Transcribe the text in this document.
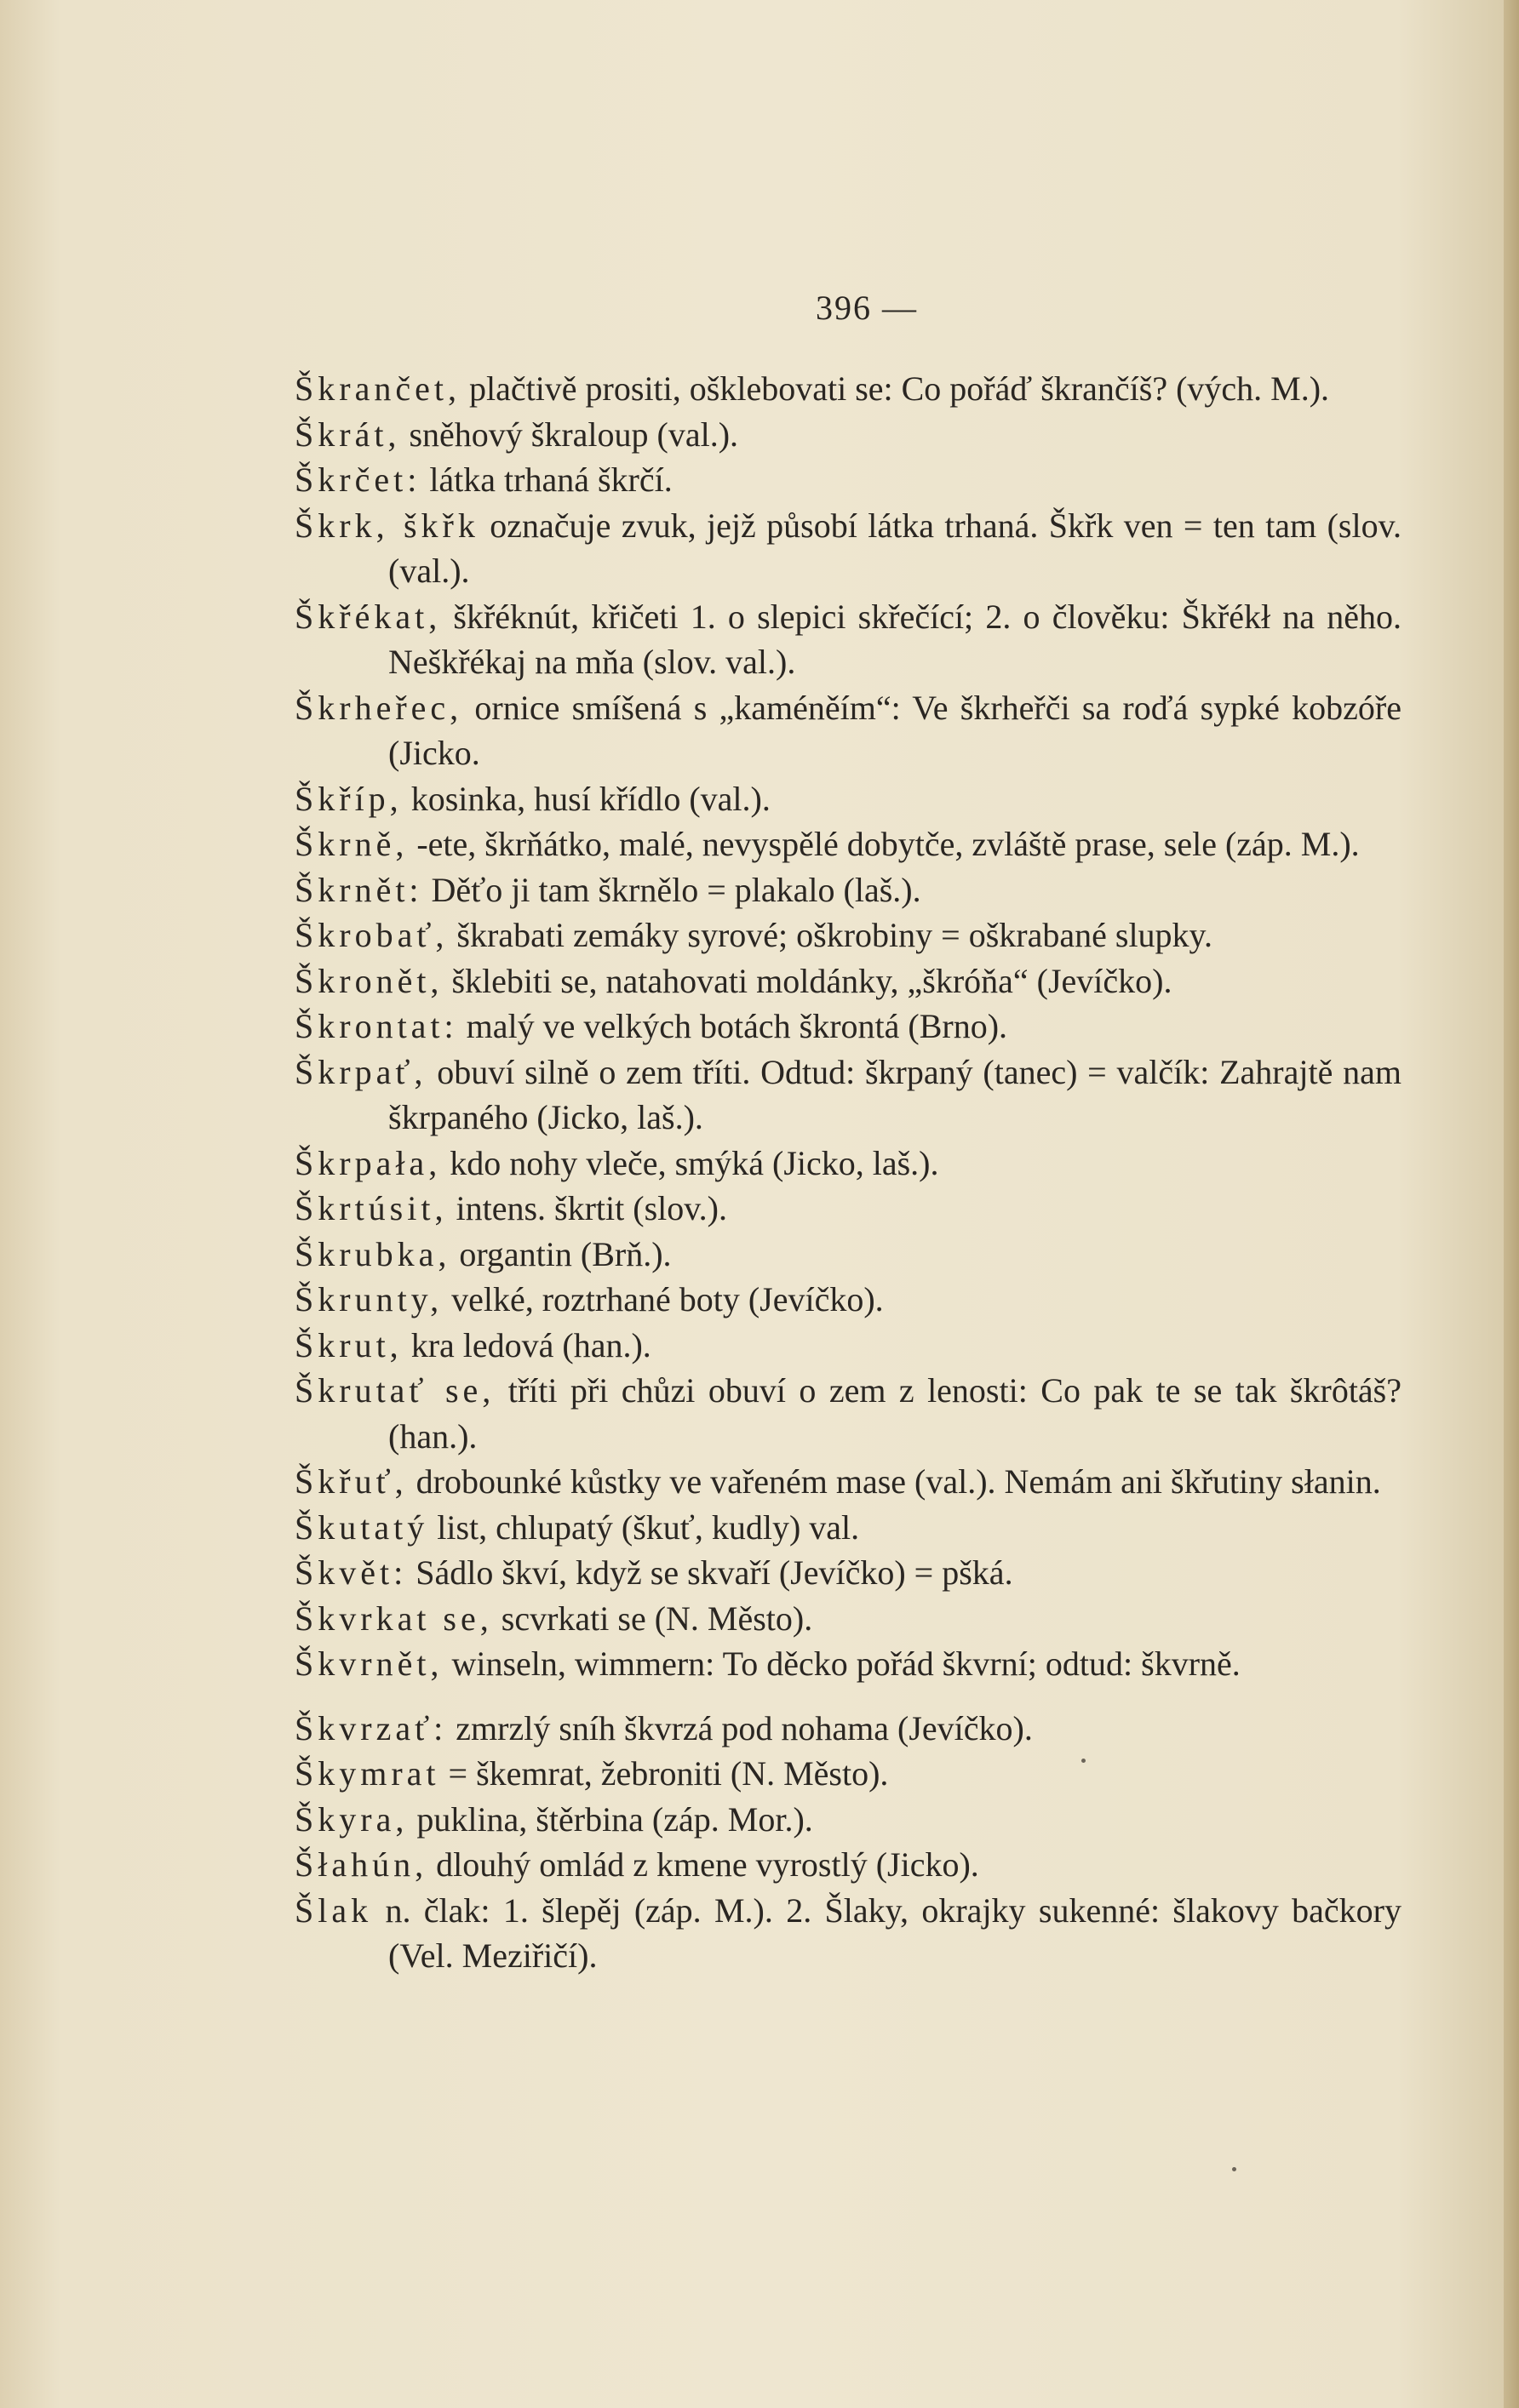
396 —
Škrančet, plačtivě prositi, ošklebovati se: Co pořáď škrančíš? (vých. M.).
Škrát, sněhový škraloup (val.).
Škrčet: látka trhaná škrčí.
Škrk, škřk označuje zvuk, jejž působí látka trhaná. Škřk ven = ten tam (slov. (val.).
Škřékat, škřéknút, křičeti 1. o slepici skřečící; 2. o člověku: Škřékł na něho. Neškřékaj na mňa (slov. val.).
Škrheřec, ornice smíšená s „kaméněím“: Ve škrheřči sa roďá sypké kobzóře (Jicko.
Škříp, kosinka, husí křídlo (val.).
Škrně, -ete, škrňátko, malé, nevyspělé dobytče, zvláště prase, sele (záp. M.).
Škrnět: Děťo ji tam škrnělo = plakalo (laš.).
Škrobať, škrabati zemáky syrové; oškrobiny = oškrabané slupky.
Škronět, šklebiti se, natahovati moldánky, „škróňa“ (Jevíčko).
Škrontat: malý ve velkých botách škrontá (Brno).
Škrpať, obuví silně o zem tříti. Odtud: škrpaný (tanec) = valčík: Zahrajtě nam škrpaného (Jicko, laš.).
Škrpała, kdo nohy vleče, smýká (Jicko, laš.).
Škrtúsit, intens. škrtit (slov.).
Škrubka, organtin (Brň.).
Škrunty, velké, roztrhané boty (Jevíčko).
Škrut, kra ledová (han.).
Škrutať se, tříti při chůzi obuví o zem z lenosti: Co pak te se tak škrôtáš? (han.).
Škřuť, drobounké kůstky ve vařeném mase (val.). Nemám ani škřutiny słanin.
Škutatý list, chlupatý (škuť, kudly) val.
Škvět: Sádlo škví, když se skvaří (Jevíčko) = pšká.
Škvrkat se, scvrkati se (N. Město).
Škvrnět, winseln, wimmern: To děcko pořád škvrní; odtud: škvrně.
Škvrzať: zmrzlý sníh škvrzá pod nohama (Jevíčko).
Škymrat = škemrat, žebroniti (N. Město).
Škyra, puklina, štěrbina (záp. Mor.).
Šłahún, dlouhý omlád z kmene vyrostlý (Jicko).
Šlak n. člak: 1. šlepěj (záp. M.). 2. Šlaky, okrajky sukenné: šlakovy bačkory (Vel. Meziřičí).
